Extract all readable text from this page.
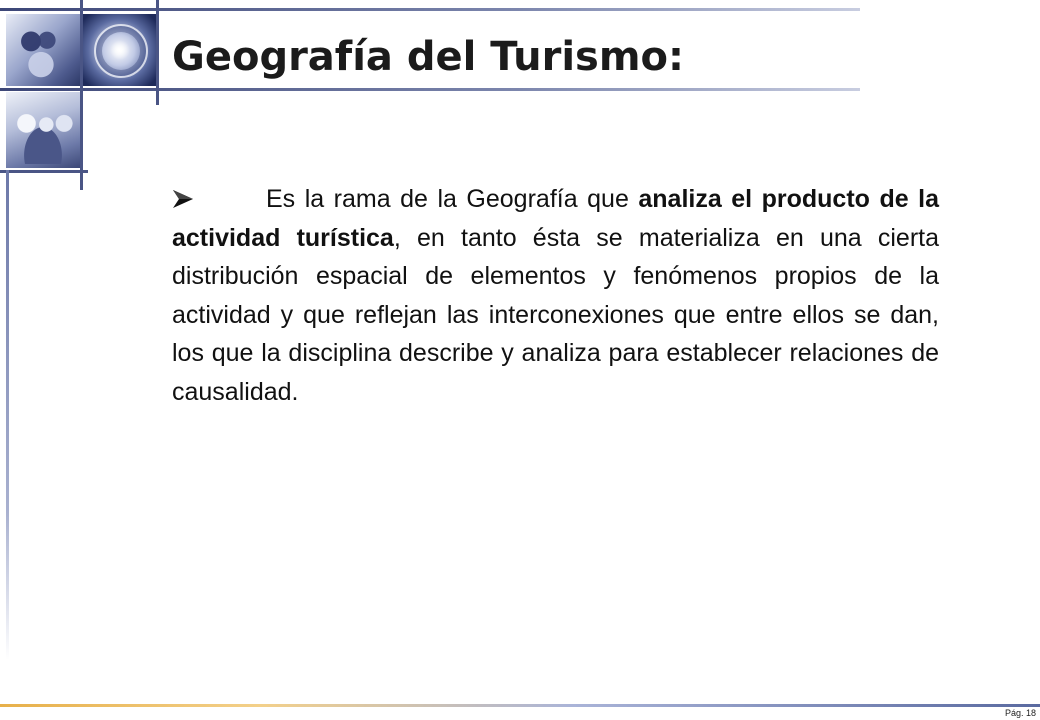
Geografía del Turismo:

Es la rama de la Geografía que analiza el producto de la actividad turística, en tanto ésta se materializa en una cierta distribución espacial de elementos y fenómenos propios de la actividad y que reflejan las interconexiones que entre ellos se dan, los que la disciplina describe y analiza para establecer relaciones de causalidad.

Pág. 18
